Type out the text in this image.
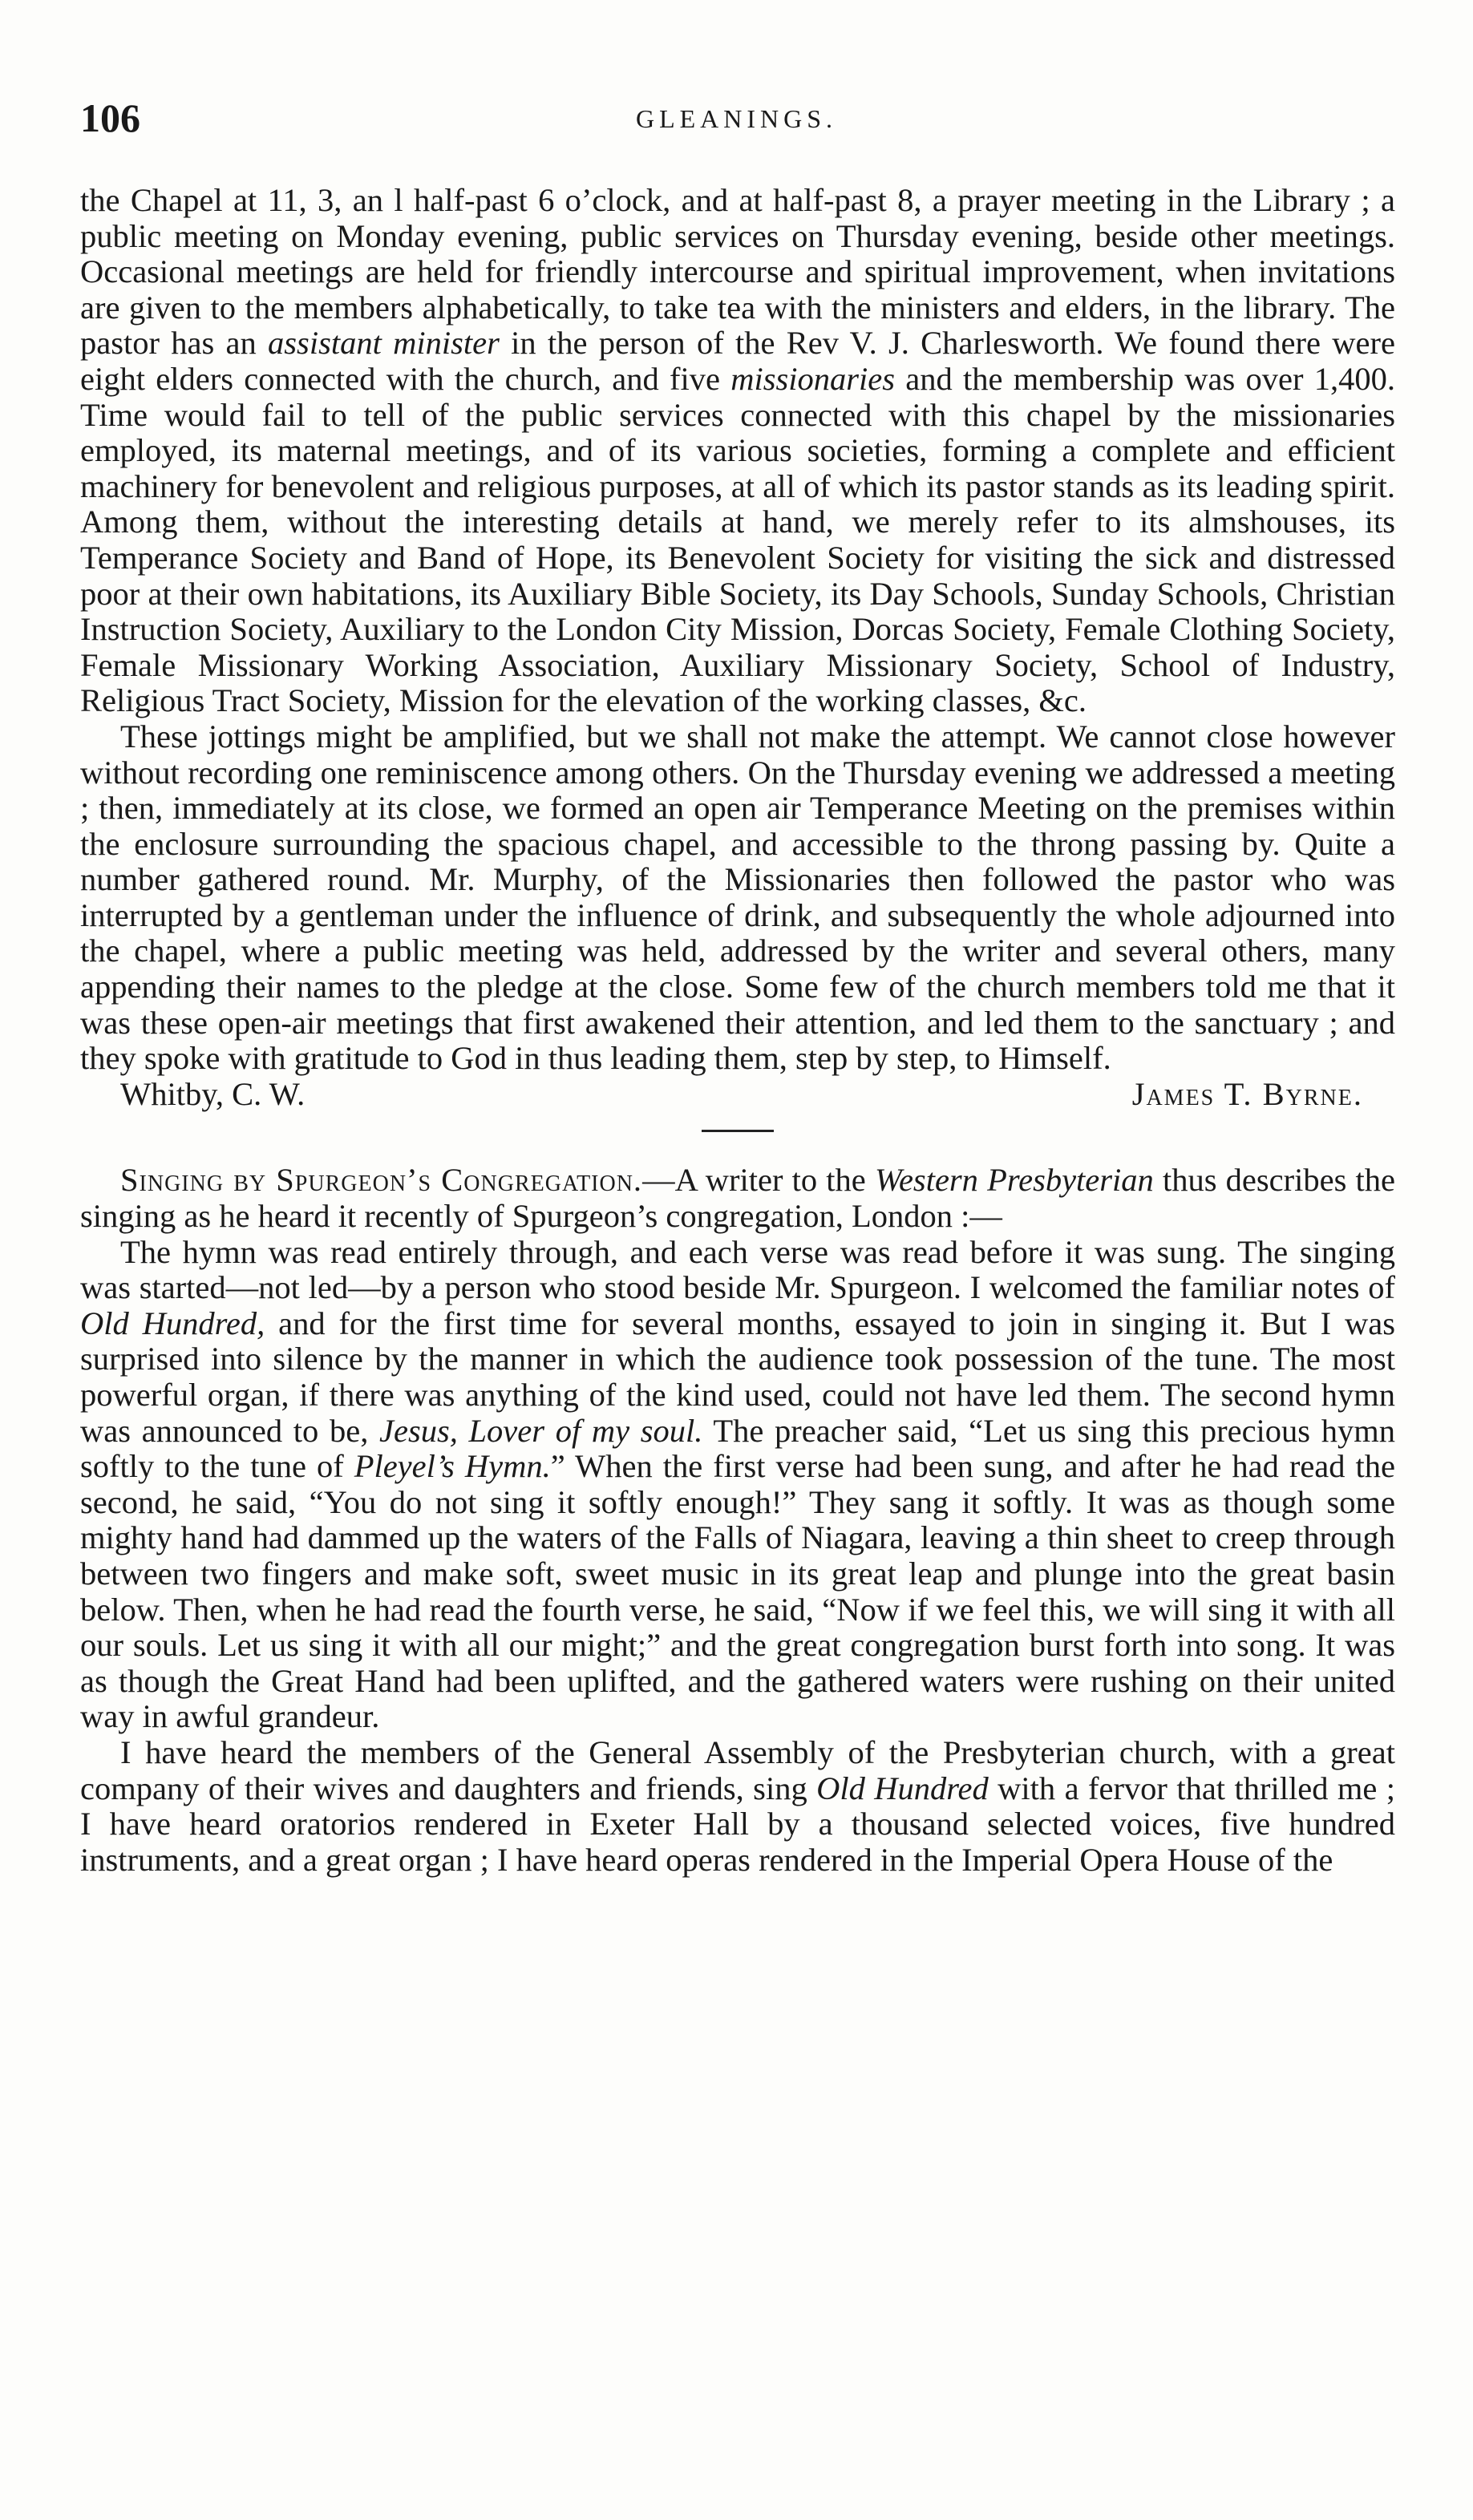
106	GLEANINGS.

the Chapel at 11, 3, an l half-past 6 o’clock, and at half-past 8, a prayer meeting in the Library ; a public meeting on Monday evening, public services on Thursday evening, beside other meetings. Occasional meetings are held for friendly intercourse and spiritual improvement, when invitations are given to the members alphabetically, to take tea with the ministers and elders, in the library. The pastor has an assistant minister in the person of the Rev V. J. Charlesworth. We found there were eight elders connected with the church, and five missionaries and the membership was over 1,400. Time would fail to tell of the public services connected with this chapel by the missionaries employed, its maternal meetings, and of its various societies, forming a complete and efficient machinery for benevolent and religious purposes, at all of which its pastor stands as its leading spirit. Among them, without the interesting details at hand, we merely refer to its almshouses, its Temperance Society and Band of Hope, its Benevolent Society for visiting the sick and distressed poor at their own habitations, its Auxiliary Bible Society, its Day Schools, Sunday Schools, Christian Instruction Society, Auxiliary to the London City Mission, Dorcas Society, Female Clothing Society, Female Missionary Working Association, Auxiliary Missionary Society, School of Industry, Religious Tract Society, Mission for the elevation of the working classes, &c.

These jottings might be amplified, but we shall not make the attempt. We cannot close however without recording one reminiscence among others. On the Thursday evening we addressed a meeting ; then, immediately at its close, we formed an open air Temperance Meeting on the premises within the enclosure surrounding the spacious chapel, and accessible to the throng passing by. Quite a number gathered round. Mr. Murphy, of the Missionaries then followed the pastor who was interrupted by a gentleman under the influence of drink, and subsequently the whole adjourned into the chapel, where a public meeting was held, addressed by the writer and several others, many appending their names to the pledge at the close. Some few of the church members told me that it was these open-air meetings that first awakened their attention, and led them to the sanctuary ; and they spoke with gratitude to God in thus leading them, step by step, to Himself.

Whitby, C. W.	James T. Byrne.

Singing by Spurgeon’s Congregation.—A writer to the Western Presbyterian thus describes the singing as he heard it recently of Spurgeon’s congregation, London :—

The hymn was read entirely through, and each verse was read before it was sung. The singing was started—not led—by a person who stood beside Mr. Spurgeon. I welcomed the familiar notes of Old Hundred, and for the first time for several months, essayed to join in singing it. But I was surprised into silence by the manner in which the audience took possession of the tune. The most powerful organ, if there was anything of the kind used, could not have led them. The second hymn was announced to be, Jesus, Lover of my soul. The preacher said, “Let us sing this precious hymn softly to the tune of Pleyel’s Hymn.” When the first verse had been sung, and after he had read the second, he said, “You do not sing it softly enough!” They sang it softly. It was as though some mighty hand had dammed up the waters of the Falls of Niagara, leaving a thin sheet to creep through between two fingers and make soft, sweet music in its great leap and plunge into the great basin below. Then, when he had read the fourth verse, he said, “Now if we feel this, we will sing it with all our souls. Let us sing it with all our might;” and the great congregation burst forth into song. It was as though the Great Hand had been uplifted, and the gathered waters were rushing on their united way in awful grandeur.

I have heard the members of the General Assembly of the Presbyterian church, with a great company of their wives and daughters and friends, sing Old Hundred with a fervor that thrilled me ; I have heard oratorios rendered in Exeter Hall by a thousand selected voices, five hundred instruments, and a great organ ; I have heard operas rendered in the Imperial Opera House of the
